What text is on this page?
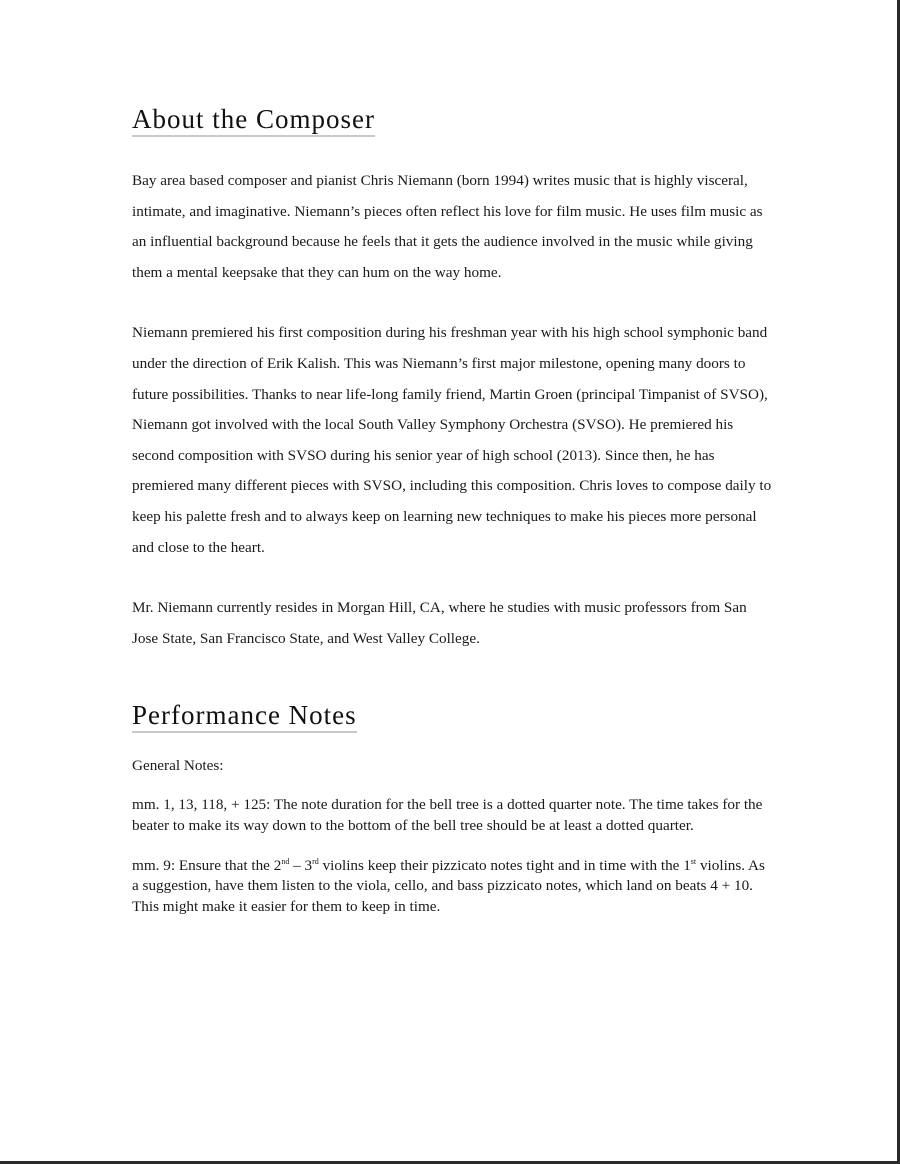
About the Composer

Bay area based composer and pianist Chris Niemann (born 1994) writes music that is highly visceral, intimate, and imaginative. Niemann’s pieces often reflect his love for film music. He uses film music as an influential background because he feels that it gets the audience involved in the music while giving them a mental keepsake that they can hum on the way home.

Niemann premiered his first composition during his freshman year with his high school symphonic band under the direction of Erik Kalish. This was Niemann’s first major milestone, opening many doors to future possibilities. Thanks to near life-long family friend, Martin Groen (principal Timpanist of SVSO), Niemann got involved with the local South Valley Symphony Orchestra (SVSO). He premiered his second composition with SVSO during his senior year of high school (2013). Since then, he has premiered many different pieces with SVSO, including this composition. Chris loves to compose daily to keep his palette fresh and to always keep on learning new techniques to make his pieces more personal and close to the heart.

Mr. Niemann currently resides in Morgan Hill, CA, where he studies with music professors from San Jose State, San Francisco State, and West Valley College.

Performance Notes

General Notes:

mm. 1, 13, 118, + 125: The note duration for the bell tree is a dotted quarter note. The time takes for the beater to make its way down to the bottom of the bell tree should be at least a dotted quarter.

mm. 9: Ensure that the 2nd – 3rd violins keep their pizzicato notes tight and in time with the 1st violins. As a suggestion, have them listen to the viola, cello, and bass pizzicato notes, which land on beats 4 + 10. This might make it easier for them to keep in time.
